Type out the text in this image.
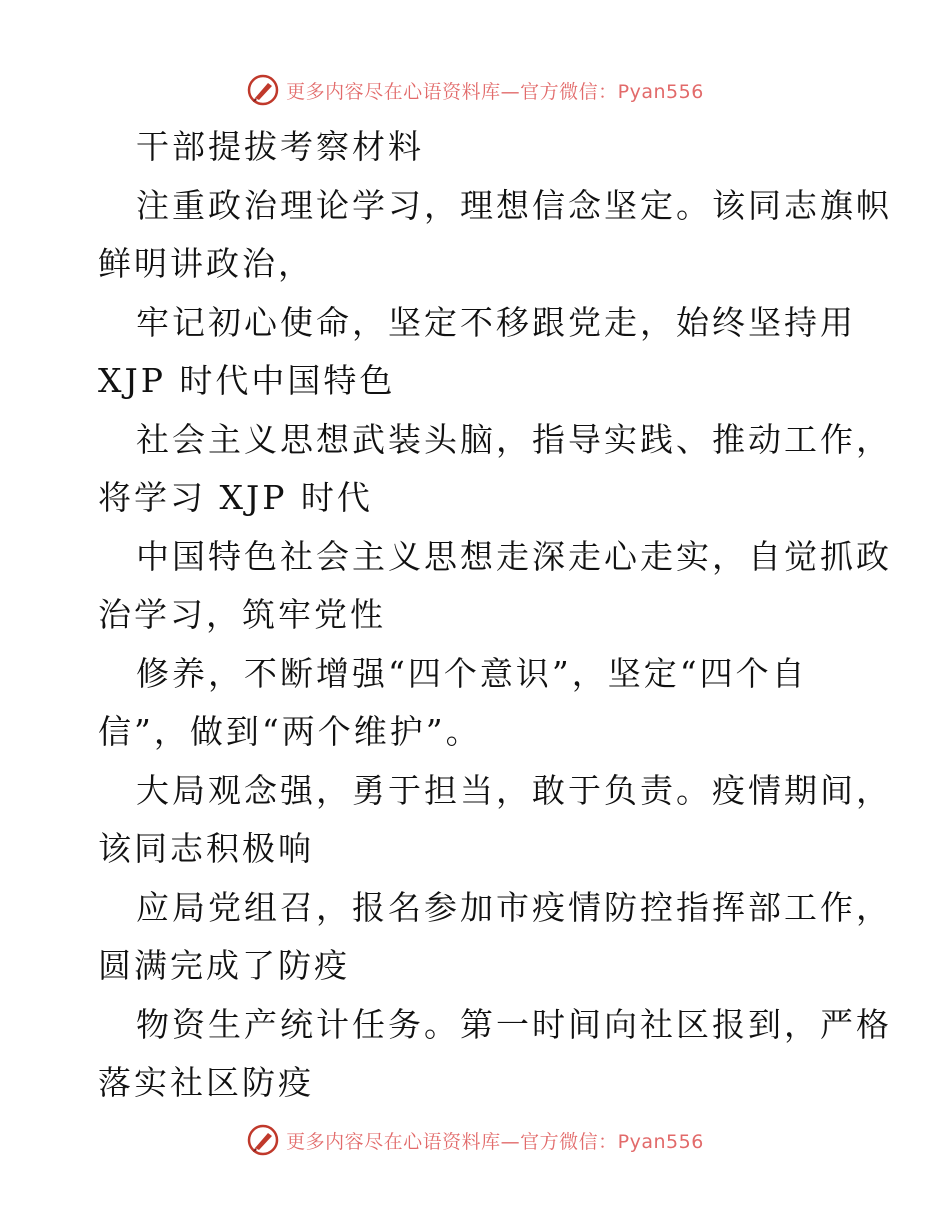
更多内容尽在心语资料库—官方微信：Pyan556
干部提拔考察材料
注重政治理论学习，理想信念坚定。该同志旗帜
鲜明讲政治，
牢记初心使命，坚定不移跟党走，始终坚持用
XJP 时代中国特色
社会主义思想武装头脑，指导实践、推动工作，
将学习 XJP 时代
中国特色社会主义思想走深走心走实，自觉抓政
治学习，筑牢党性
修养，不断增强“四个意识”，坚定“四个自
信”，做到“两个维护”。
大局观念强，勇于担当，敢于负责。疫情期间，
该同志积极响
应局党组召，报名参加市疫情防控指挥部工作，
圆满完成了防疫
物资生产统计任务。第一时间向社区报到，严格
落实社区防疫
更多内容尽在心语资料库—官方微信：Pyan556
